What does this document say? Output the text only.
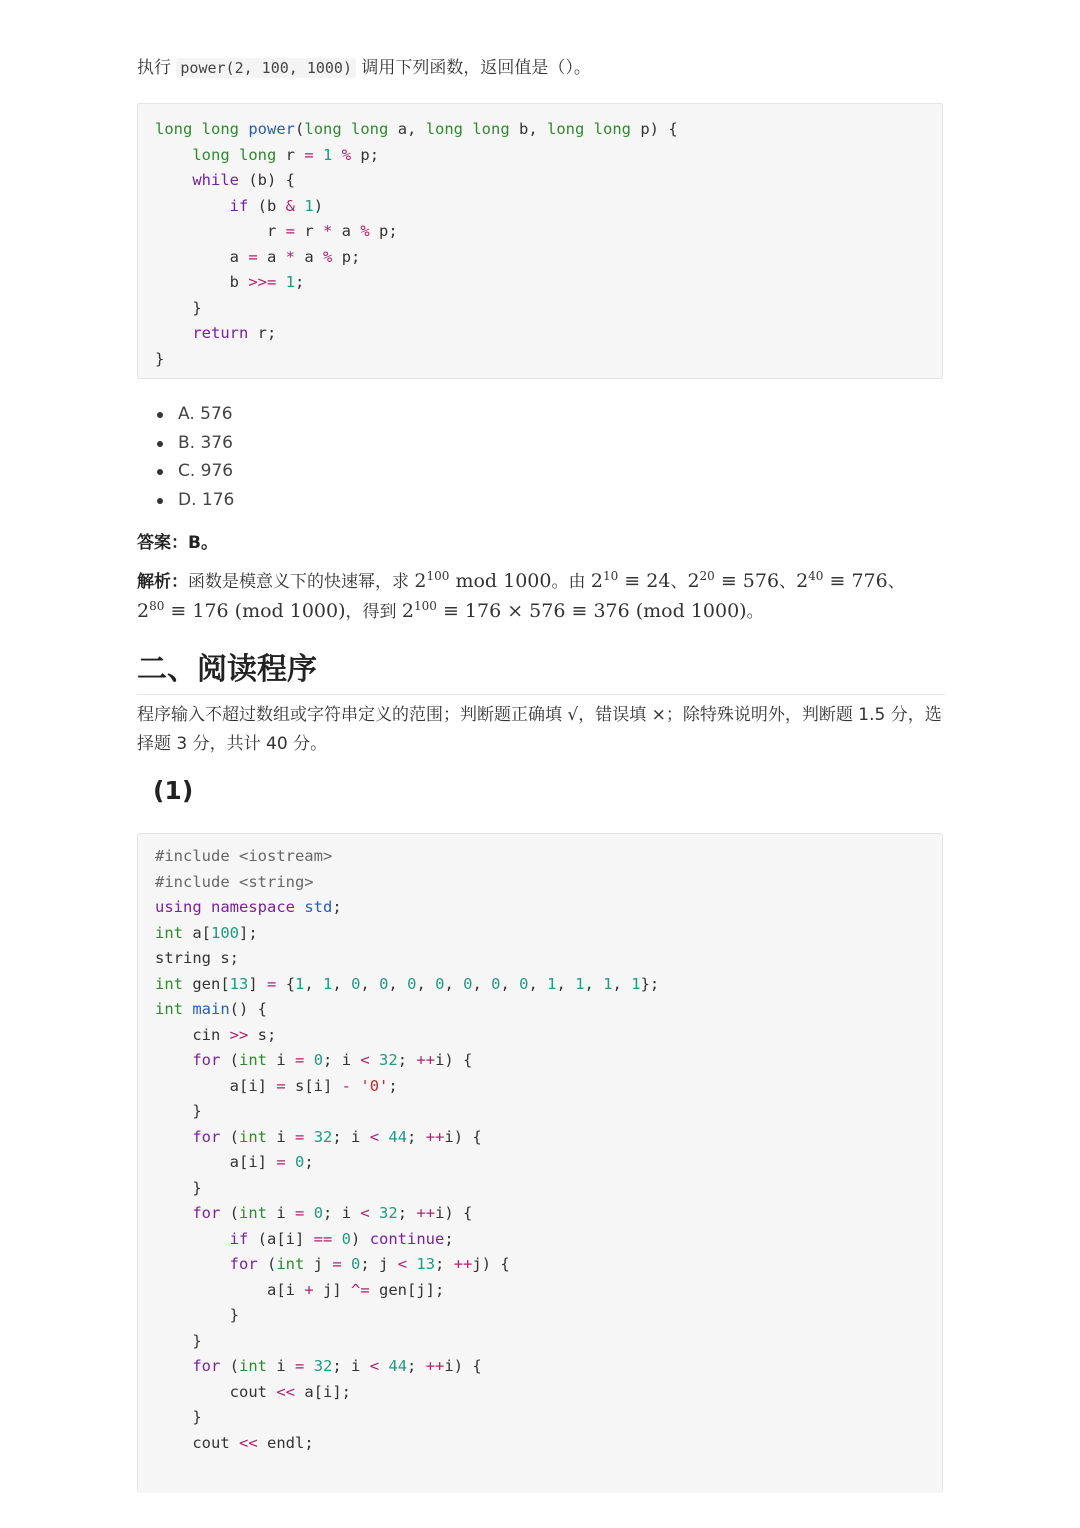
执行 power(2, 100, 1000) 调用下列函数，返回值是（）。
long long power(long long a, long long b, long long p) {
long long r = 1 % p;
while (b) {
if (b & 1)
r = r * a % p;
a = a * a % p;
b >>= 1;
}
return r;
}
A. 576
B. 376
C. 976
D. 176
答案：B。
解析：函数是模意义下的快速幂，求 $2^{100}$ mod 1000。由 $2^{10} \equiv 24$、$2^{20} \equiv 576$、$2^{40} \equiv 776$、
$2^{80} \equiv 176$ (mod 1000)，得到 $2^{100} \equiv 176 \times 576 \equiv 376$ (mod 1000)。
二、阅读程序
程序输入不超过数组或字符串定义的范围；判断题正确填 √，错误填 ×；除特殊说明外，判断题 1.5 分，选择题 3 分，共计 40 分。
(1)
#include <iostream>
#include <string>
using namespace std;
int a[100];
string s;
int gen[13] = {1, 1, 0, 0, 0, 0, 0, 0, 0, 1, 1, 1, 1};
int main() {
cin >> s;
for (int i = 0; i < 32; ++i) {
a[i] = s[i] - '0';
}
for (int i = 32; i < 44; ++i) {
a[i] = 0;
}
for (int i = 0; i < 32; ++i) {
if (a[i] == 0) continue;
for (int j = 0; j < 13; ++j) {
a[i + j] ^= gen[j];
}
}
for (int i = 32; i < 44; ++i) {
cout << a[i];
}
cout << endl;
